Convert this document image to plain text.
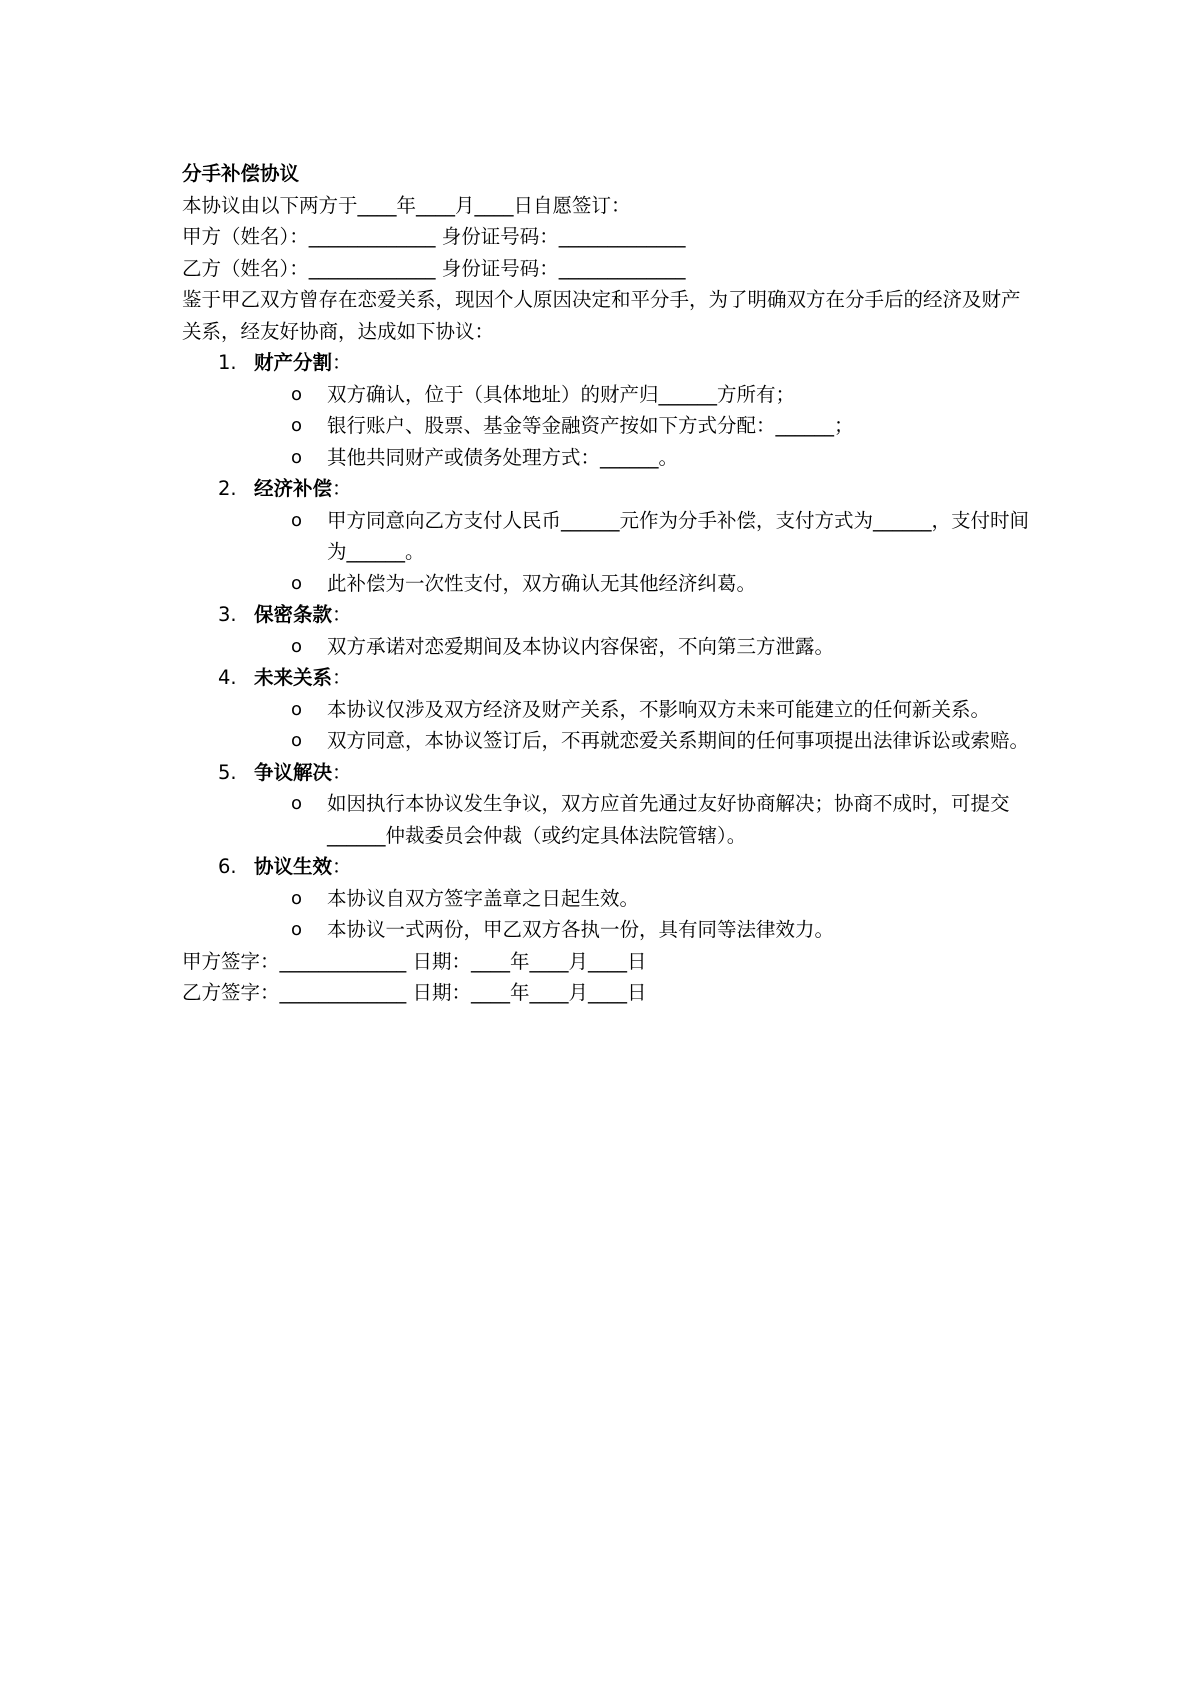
分手补偿协议
本协议由以下两方于____年____月____日自愿签订：
甲方（姓名）：_____________ 身份证号码：_____________
乙方（姓名）：_____________ 身份证号码：_____________
鉴于甲乙双方曾存在恋爱关系，现因个人原因决定和平分手，为了明确双方在分手后的经济及财产关系，经友好协商，达成如下协议：
1. 财产分割：
o 双方确认，位于（具体地址）的财产归______方所有；
o 银行账户、股票、基金等金融资产按如下方式分配：______；
o 其他共同财产或债务处理方式：______。
2. 经济补偿：
o 甲方同意向乙方支付人民币______元作为分手补偿，支付方式为______，支付时间为______。
o 此补偿为一次性支付，双方确认无其他经济纠葛。
3. 保密条款：
o 双方承诺对恋爱期间及本协议内容保密，不向第三方泄露。
4. 未来关系：
o 本协议仅涉及双方经济及财产关系，不影响双方未来可能建立的任何新关系。
o 双方同意，本协议签订后，不再就恋爱关系期间的任何事项提出法律诉讼或索赔。
5. 争议解决：
o 如因执行本协议发生争议，双方应首先通过友好协商解决；协商不成时，可提交______仲裁委员会仲裁（或约定具体法院管辖）。
6. 协议生效：
o 本协议自双方签字盖章之日起生效。
o 本协议一式两份，甲乙双方各执一份，具有同等法律效力。
甲方签字：_____________ 日期：____年____月____日
乙方签字：_____________ 日期：____年____月____日
